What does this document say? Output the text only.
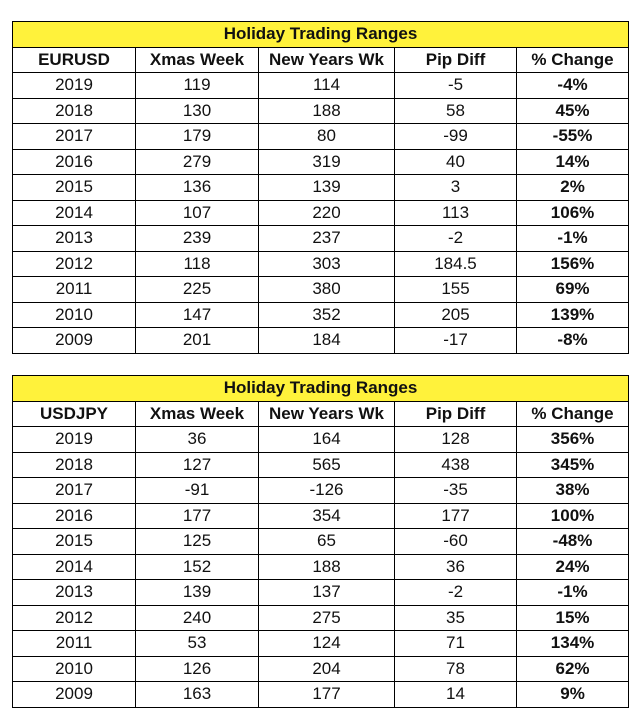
Holiday Trading Ranges				
EURUSD	Xmas Week	New Years Wk	Pip Diff	% Change
2019	119	114	-5	-4%
2018	130	188	58	45%
2017	179	80	-99	-55%
2016	279	319	40	14%
2015	136	139	3	2%
2014	107	220	113	106%
2013	239	237	-2	-1%
2012	118	303	184.5	156%
2011	225	380	155	69%
2010	147	352	205	139%
2009	201	184	-17	-8%
Holiday Trading Ranges				
USDJPY	Xmas Week	New Years Wk	Pip Diff	% Change
2019	36	164	128	356%
2018	127	565	438	345%
2017	-91	-126	-35	38%
2016	177	354	177	100%
2015	125	65	-60	-48%
2014	152	188	36	24%
2013	139	137	-2	-1%
2012	240	275	35	15%
2011	53	124	71	134%
2010	126	204	78	62%
2009	163	177	14	9%
